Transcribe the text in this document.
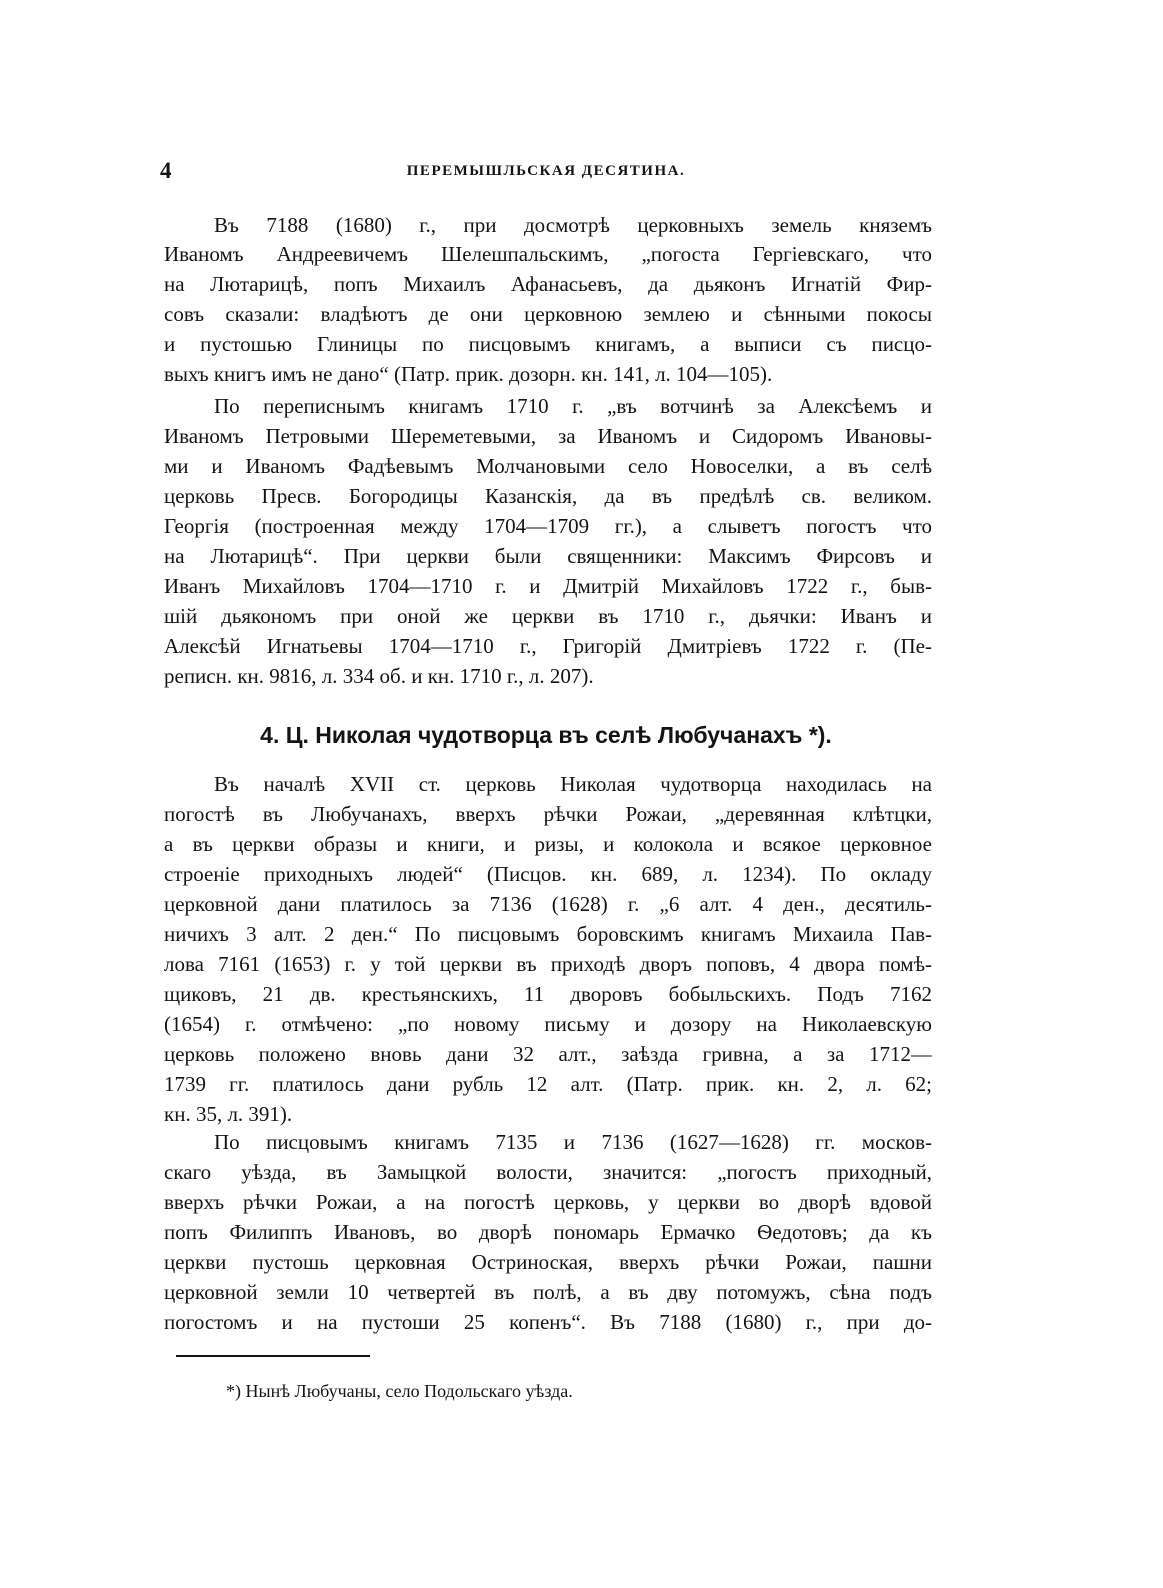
4	ПЕРЕМЫШЛЬСКАЯ ДЕСЯТИНА.
Въ 7188 (1680) г., при досмотрѣ церковныхъ земель княземъ
Иваномъ Андреевичемъ Шелешпальскимъ, „погоста Гергіевскаго, что
на Лютарицѣ, попъ Михаилъ Афанасьевъ, да дьяконъ Игнатій Фир-
совъ сказали: владѣютъ де они церковною землею и сѣнными покосы
и пустошью Глиницы по писцовымъ книгамъ, а выписи съ писцо-
выхъ книгъ имъ не дано“ (Патр. прик. дозорн. кн. 141, л. 104—105).
По переписнымъ книгамъ 1710 г. „въ вотчинѣ за Алексѣемъ и
Иваномъ Петровыми Шереметевыми, за Иваномъ и Сидоромъ Ивановы-
ми и Иваномъ Фадѣевымъ Молчановыми село Новоселки, а въ селѣ
церковь Пресв. Богородицы Казанскія, да въ предѣлѣ св. великом.
Георгія (построенная между 1704—1709 гг.), а слыветъ погостъ что
на Лютарицѣ“. При церкви были священники: Максимъ Фирсовъ и
Иванъ Михайловъ 1704—1710 г. и Дмитрій Михайловъ 1722 г., быв-
шій дьякономъ при оной же церкви въ 1710 г., дьячки: Иванъ и
Алексѣй Игнатьевы 1704—1710 г., Григорій Дмитріевъ 1722 г. (Пе-
реписн. кн. 9816, л. 334 об. и кн. 1710 г., л. 207).
4. Ц. Николая чудотворца въ селѣ Любучанахъ *).
Въ началѣ XVII ст. церковь Николая чудотворца находилась на
погостѣ въ Любучанахъ, вверхъ рѣчки Рожаи, „деревянная клѣтцки,
а въ церкви образы и книги, и ризы, и колокола и всякое церковное
строеніе приходныхъ людей“ (Писцов. кн. 689, л. 1234). По окладу
церковной дани платилось за 7136 (1628) г. „6 алт. 4 ден., десятиль-
ничихъ 3 алт. 2 ден.“ По писцовымъ боровскимъ книгамъ Михаила Пав-
лова 7161 (1653) г. у той церкви въ приходѣ дворъ поповъ, 4 двора помѣ-
щиковъ, 21 дв. крестьянскихъ, 11 дворовъ бобыльскихъ. Подъ 7162
(1654) г. отмѣчено: „по новому письму и дозору на Николаевскую
церковь положено вновь дани 32 алт., заѣзда гривна, а за 1712—
1739 гг. платилось дани рубль 12 алт. (Патр. прик. кн. 2, л. 62;
кн. 35, л. 391).
По писцовымъ книгамъ 7135 и 7136 (1627—1628) гг. москов-
скаго уѣзда, въ Замыцкой волости, значится: „погостъ приходный,
вверхъ рѣчки Рожаи, а на погостѣ церковь, у церкви во дворѣ вдовой
попъ Филиппъ Ивановъ, во дворѣ пономарь Ермачко Ѳедотовъ; да къ
церкви пустошь церковная Остриноская, вверхъ рѣчки Рожаи, пашни
церковной земли 10 четвертей въ полѣ, а въ дву потомужъ, сѣна подъ
погостомъ и на пустоши 25 копенъ“. Въ 7188 (1680) г., при до-
*) Нынѣ Любучаны, село Подольскаго уѣзда.
